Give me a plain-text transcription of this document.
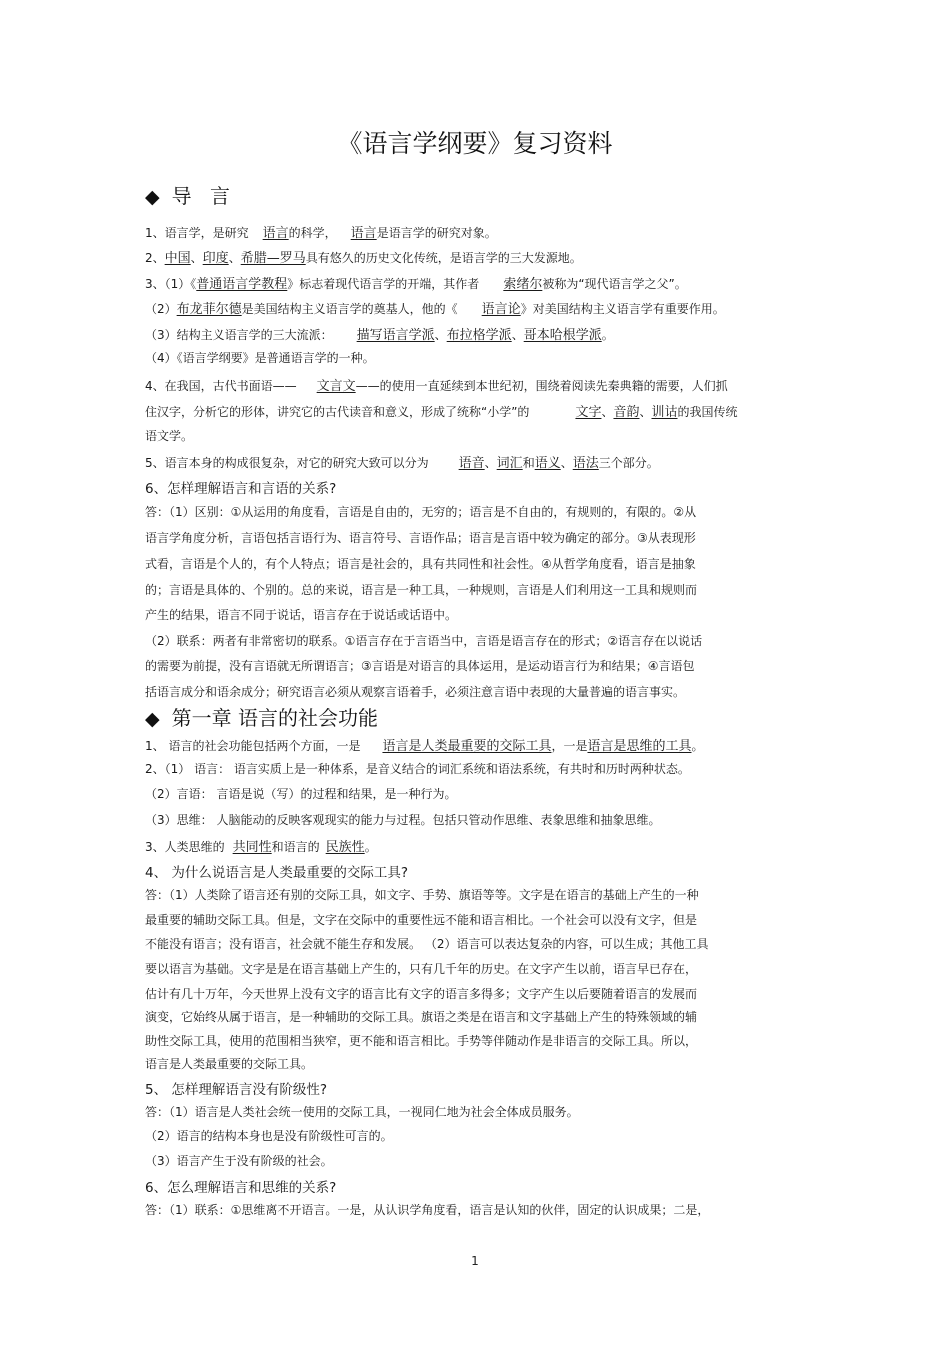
《语言学纲要》复习资料
◆ 导 言
1、语言学，是研究 语言的科学， 语言是语言学的研究对象。
2、中国、印度、希腊—罗马具有悠久的历史文化传统，是语言学的三大发源地。
3、（1）《普通语言学教程》标志着现代语言学的开端，其作者 索绪尔被称为“现代语言学之父”。
（2）布龙菲尔德是美国结构主义语言学的奠基人，他的《 语言论》对美国结构主义语言学有重要作用。
（3）结构主义语言学的三大流派： 描写语言学派、布拉格学派、哥本哈根学派。
（4）《语言学纲要》是普通语言学的一种。
4、在我国，古代书面语—— 文言文——的使用一直延续到本世纪初，围绕着阅读先秦典籍的需要，人们抓
住汉字，分析它的形体，讲究它的古代读音和意义，形成了统称“小学”的	文字、音韵、训诂的我国传统
语文学。
5、语言本身的构成很复杂，对它的研究大致可以分为 语音、词汇和语义、语法三个部分。
6、怎样理解语言和言语的关系?
答：（1）区别：①从运用的角度看，言语是自由的，无穷的；语言是不自由的，有规则的，有限的。②从
语言学角度分析，言语包括言语行为、语言符号、言语作品；语言是言语中较为确定的部分。③从表现形
式看，言语是个人的，有个人特点；语言是社会的，具有共同性和社会性。④从哲学角度看，语言是抽象
的；言语是具体的、个别的。总的来说，语言是一种工具，一种规则，言语是人们利用这一工具和规则而
产生的结果，语言不同于说话，语言存在于说话或话语中。
（2）联系：两者有非常密切的联系。①语言存在于言语当中，言语是语言存在的形式；②语言存在以说话
的需要为前提，没有言语就无所谓语言；③言语是对语言的具体运用，是运动语言行为和结果；④言语包
括语言成分和语余成分；研究语言必须从观察言语着手，必须注意言语中表现的大量普遍的语言事实。
◆ 第一章 语言的社会功能
1、 语言的社会功能包括两个方面，一是 语言是人类最重要的交际工具，一是语言是思维的工具。
2、（1） 语言： 语言实质上是一种体系，是音义结合的词汇系统和语法系统，有共时和历时两种状态。
（2）言语： 言语是说（写）的过程和结果，是一种行为。
（3）思维： 人脑能动的反映客观现实的能力与过程。包括只管动作思维、表象思维和抽象思维。
3、人类思维的 共同性和语言的 民族性。
4、 为什么说语言是人类最重要的交际工具?
答：（1）人类除了语言还有别的交际工具，如文字、手势、旗语等等。文字是在语言的基础上产生的一种
最重要的辅助交际工具。但是，文字在交际中的重要性远不能和语言相比。一个社会可以没有文字，但是
不能没有语言；没有语言，社会就不能生存和发展。 （2）语言可以表达复杂的内容，可以生成；其他工具
要以语言为基础。文字是是在语言基础上产生的，只有几千年的历史。在文字产生以前，语言早已存在，
估计有几十万年，今天世界上没有文字的语言比有文字的语言多得多；文字产生以后要随着语言的发展而
演变，它始终从属于语言，是一种辅助的交际工具。旗语之类是在语言和文字基础上产生的特殊领域的辅
助性交际工具，使用的范围相当狭窄，更不能和语言相比。手势等伴随动作是非语言的交际工具。所以，
语言是人类最重要的交际工具。
5、 怎样理解语言没有阶级性?
答：（1）语言是人类社会统一使用的交际工具，一视同仁地为社会全体成员服务。
（2）语言的结构本身也是没有阶级性可言的。
（3）语言产生于没有阶级的社会。
6、怎么理解语言和思维的关系?
答：（1）联系：①思维离不开语言。一是，从认识学角度看，语言是认知的伙伴，固定的认识成果；二是，
1
